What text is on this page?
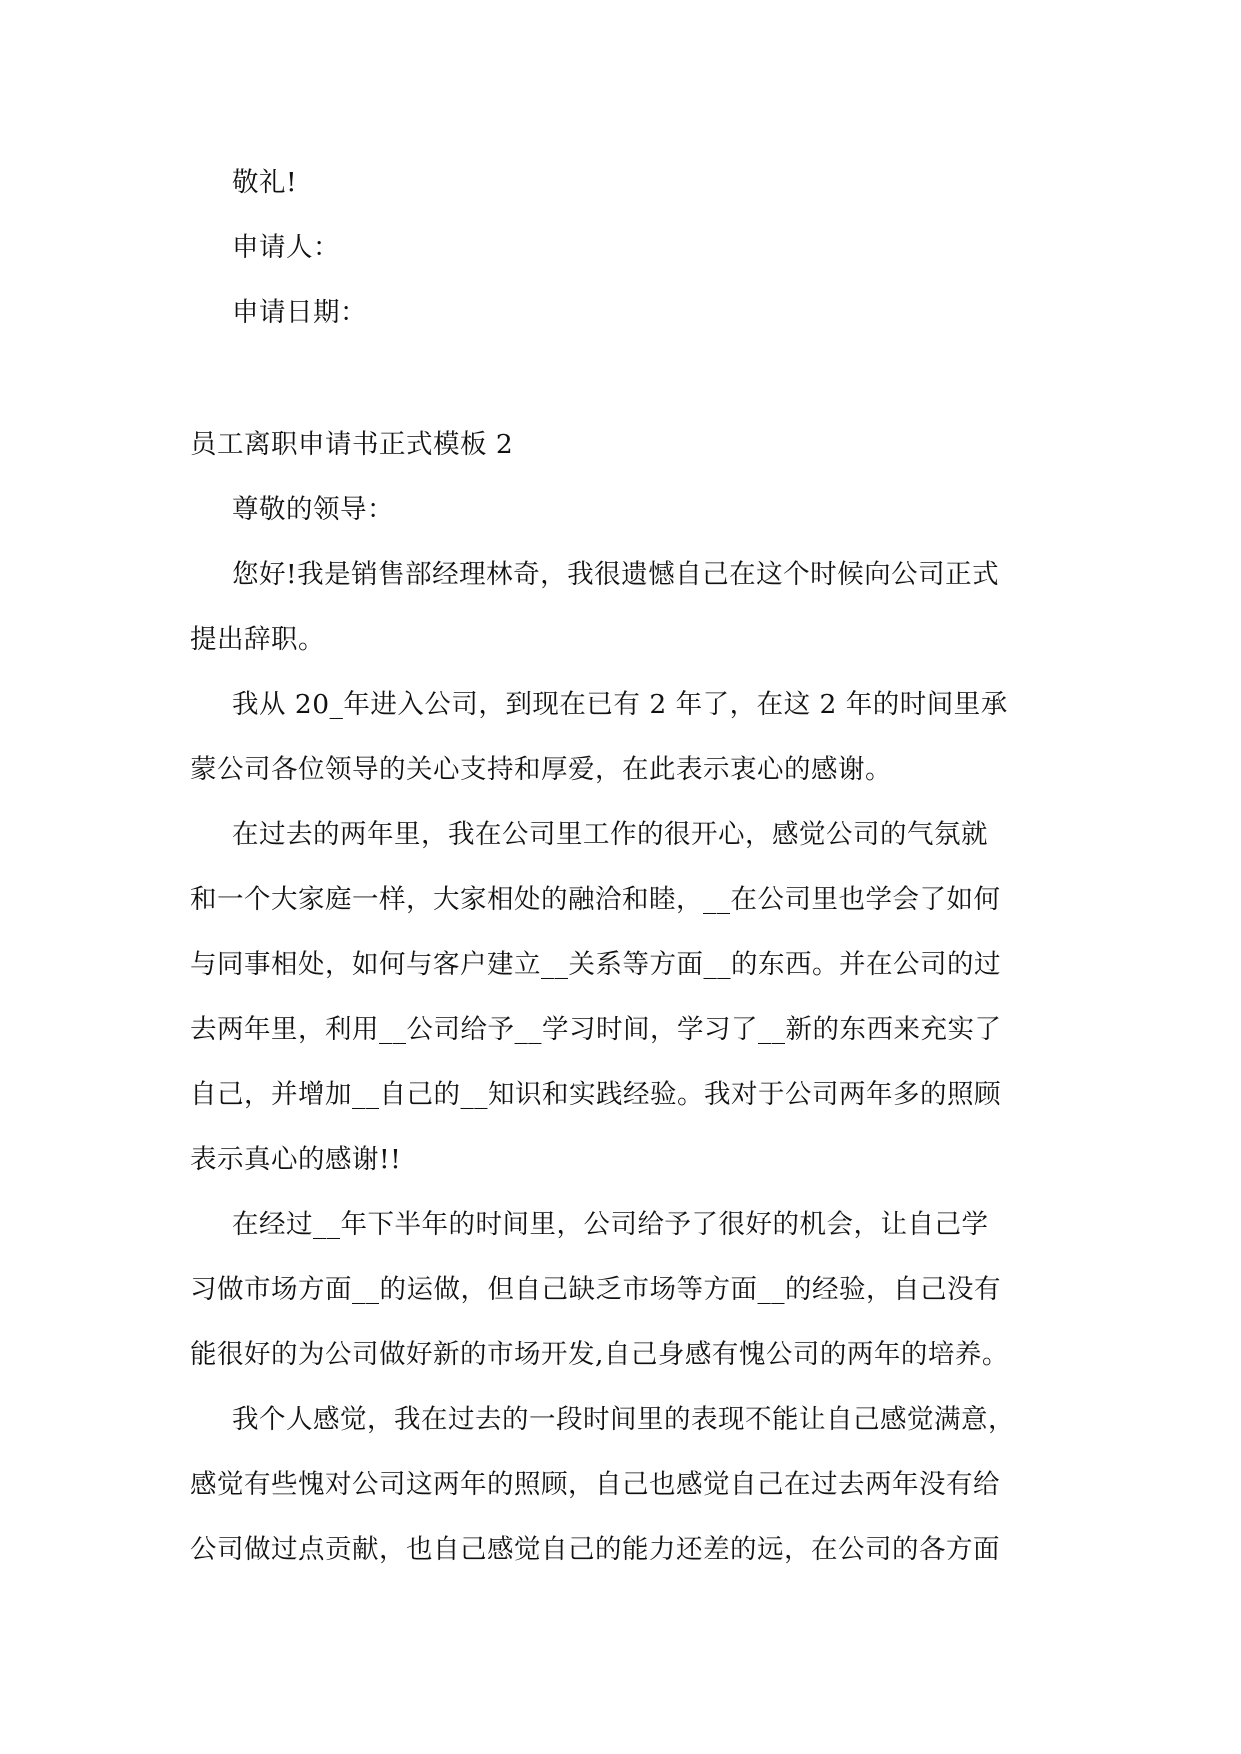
敬礼!
申请人：
申请日期：
员工离职申请书正式模板 2
尊敬的领导：
您好!我是销售部经理林奇，我很遗憾自己在这个时候向公司正式
提出辞职。
我从 20_年进入公司，到现在已有 2 年了，在这 2 年的时间里承
蒙公司各位领导的关心支持和厚爱，在此表示衷心的感谢。
在过去的两年里，我在公司里工作的很开心，感觉公司的气氛就
和一个大家庭一样，大家相处的融洽和睦，__在公司里也学会了如何
与同事相处，如何与客户建立__关系等方面__的东西。并在公司的过
去两年里，利用__公司给予__学习时间，学习了__新的东西来充实了
自己，并增加__自己的__知识和实践经验。我对于公司两年多的照顾
表示真心的感谢!!
在经过__年下半年的时间里，公司给予了很好的机会，让自己学
习做市场方面__的运做，但自己缺乏市场等方面__的经验，自己没有
能很好的为公司做好新的市场开发,自己身感有愧公司的两年的培养。
我个人感觉，我在过去的一段时间里的表现不能让自己感觉满意，
感觉有些愧对公司这两年的照顾，自己也感觉自己在过去两年没有给
公司做过点贡献，也自己感觉自己的能力还差的远，在公司的各方面
